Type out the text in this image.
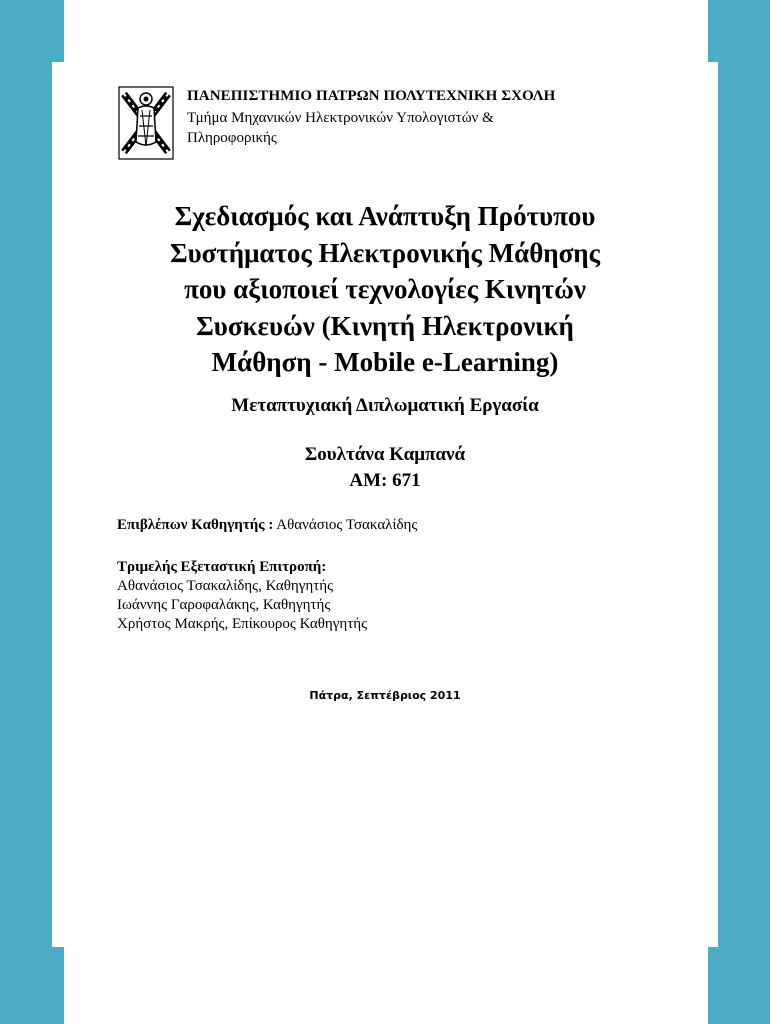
ΠΑΝΕΠΙΣΤΗΜΙΟ ΠΑΤΡΩΝ ΠΟΛΥΤΕΧΝΙΚΗ ΣΧΟΛΗ
Τμήμα Μηχανικών Ηλεκτρονικών Υπολογιστών &
Πληροφορικής
Σχεδιασμός και Ανάπτυξη Πρότυπου
Συστήματος Ηλεκτρονικής Μάθησης
που αξιοποιεί τεχνολογίες Κινητών
Συσκευών (Κινητή Ηλεκτρονική
Μάθηση - Mobile e-Learning)
Μεταπτυχιακή Διπλωματική Εργασία
Σουλτάνα Καμπανά
ΑΜ: 671
Επιβλέπων Καθηγητής : Αθανάσιος Τσακαλίδης
Τριμελής Εξεταστική Επιτροπή:
Αθανάσιος Τσακαλίδης, Καθηγητής
Ιωάννης Γαροφαλάκης, Καθηγητής
Χρήστος Μακρής, Επίκουρος Καθηγητής
Πάτρα, Σεπτέβριος 2011
